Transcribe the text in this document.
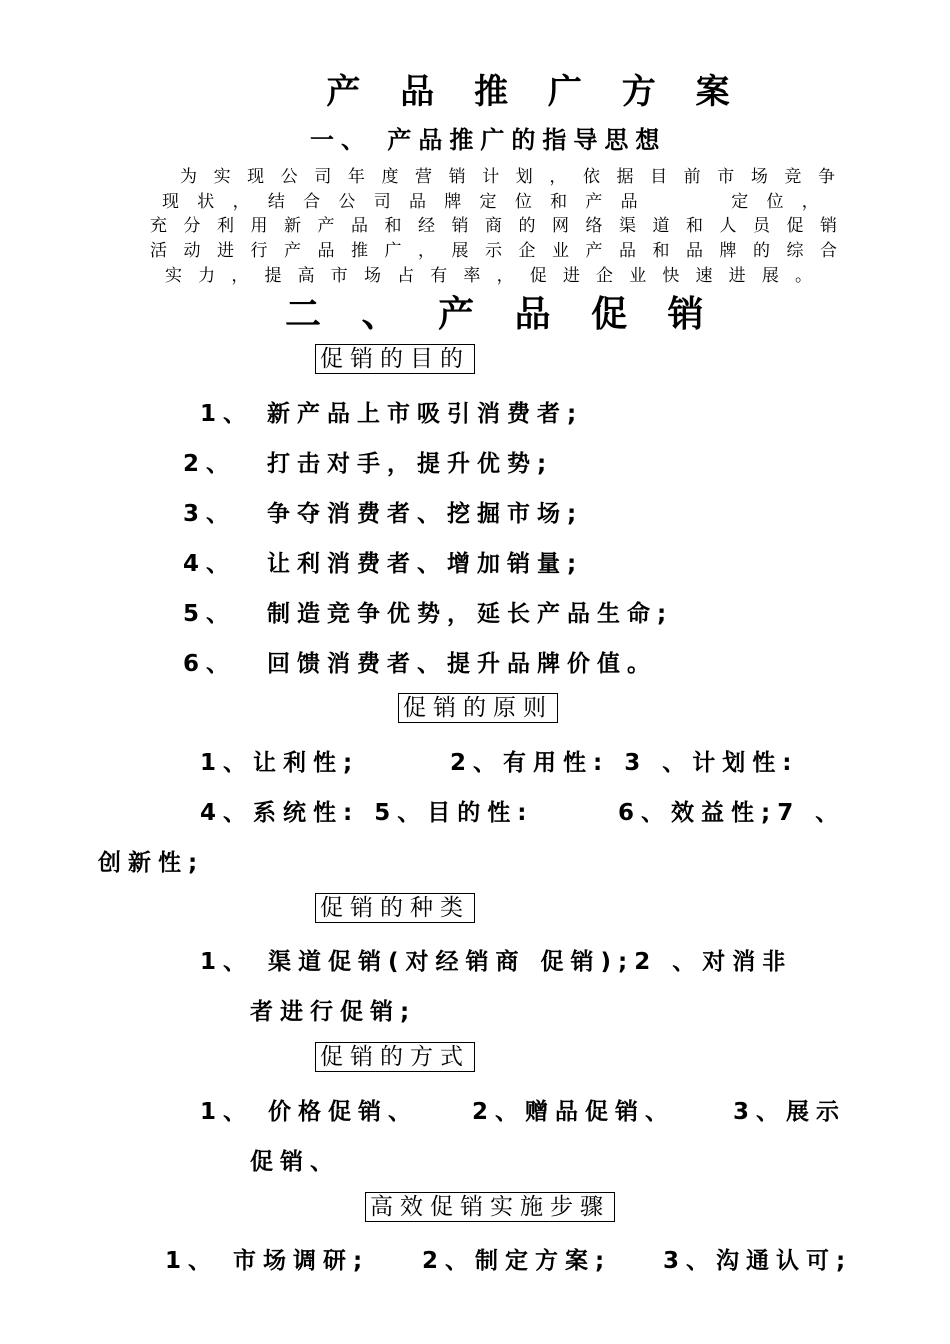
产 品 推 广 方 案
一、 产品推广的指导思想
为 实 现 公 司 年 度 营 销 计 划 ， 依 据 目 前 市 场 竞 争
现 状 ， 结 合 公 司 品 牌 定 位 和 产 品	定 位 ，
充 分 利 用 新 产 品 和 经 销 商 的 网 络 渠 道 和 人 员 促 销
活 动 进 行 产 品 推 广 ， 展 示 企 业 产 品 和 品 牌 的 综 合
实 力 ， 提 高 市 场 占 有 率 ， 促 进 企 业 快 速 进 展 。
二 、 产 品 促 销
促销的目的
1、 新产品上市吸引消费者;
2、 打击对手，提升优势;
3、 争夺消费者、挖掘市场;
4、 让利消费者、增加销量;
5、 制造竞争优势，延长产品生命;
6、 回馈消费者、提升品牌价值。
促销的原则
1、让利性;	2、有用性: 3 、计划性:
4、系统性: 5、目的性:	6、效益性;7 、
创新性;
促销的种类
1、 渠道促销(对经销商 促销);2 、对消非
者进行促销;
促销的方式
1、 价格促销、 2、赠品促销、	3、展示
促销、
高效促销实施步骤
1、 市场调研; 2、制定方案; 3、沟通认可;
